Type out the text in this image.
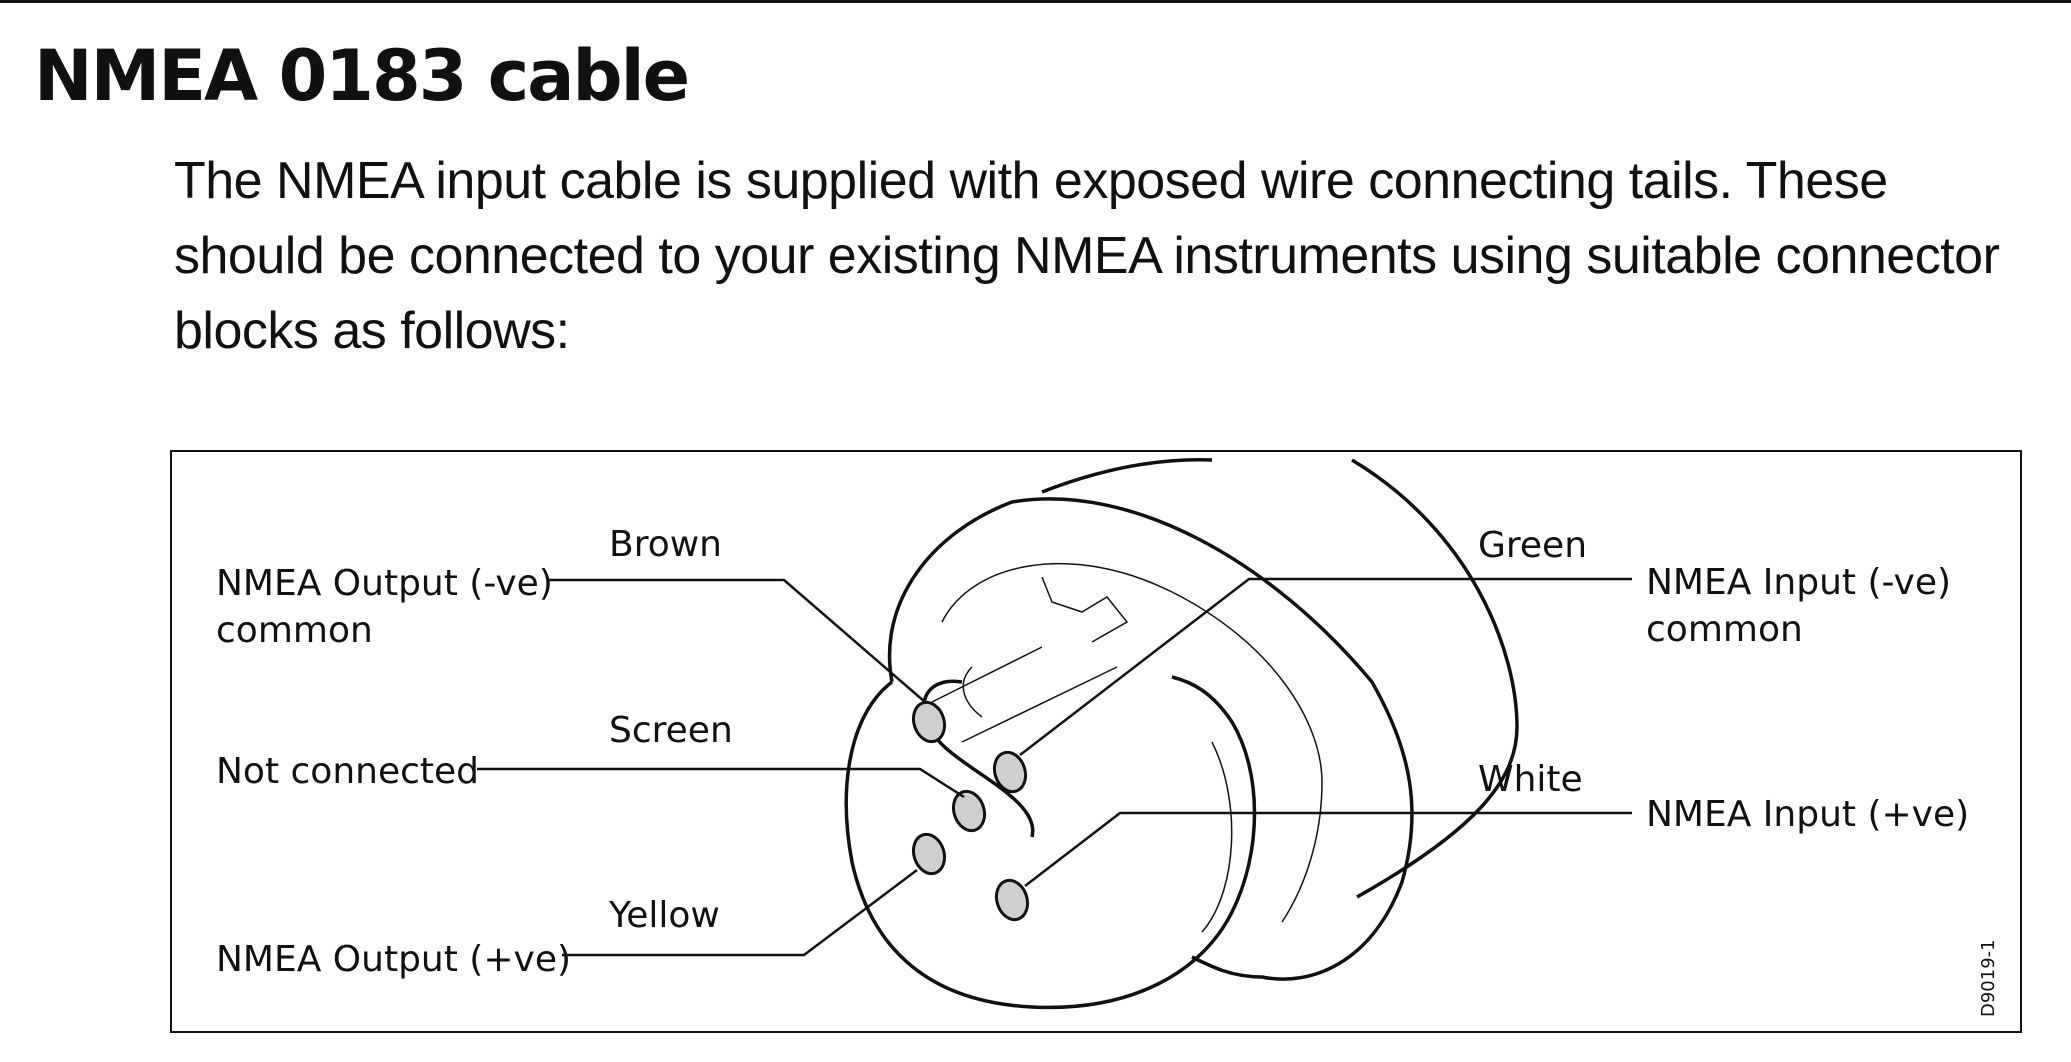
NMEA 0183 cable

The NMEA input cable is supplied with exposed wire connecting tails. These should be connected to your existing NMEA instruments using suitable connector blocks as follows:

NMEA Output (-ve)
common
Not connected
NMEA Output (+ve)
Brown
Screen
Yellow
Green
White
NMEA Input (-ve)
common
NMEA Input (+ve)
D9019-1
